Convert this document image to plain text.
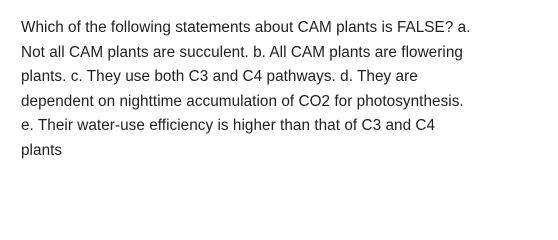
Which of the following statements about CAM plants is FALSE? a.
Not all CAM plants are succulent. b. All CAM plants are flowering
plants. c. They use both C3 and C4 pathways. d. They are
dependent on nighttime accumulation of CO2 for photosynthesis.
e. Their water-use efficiency is higher than that of C3 and C4
plants
